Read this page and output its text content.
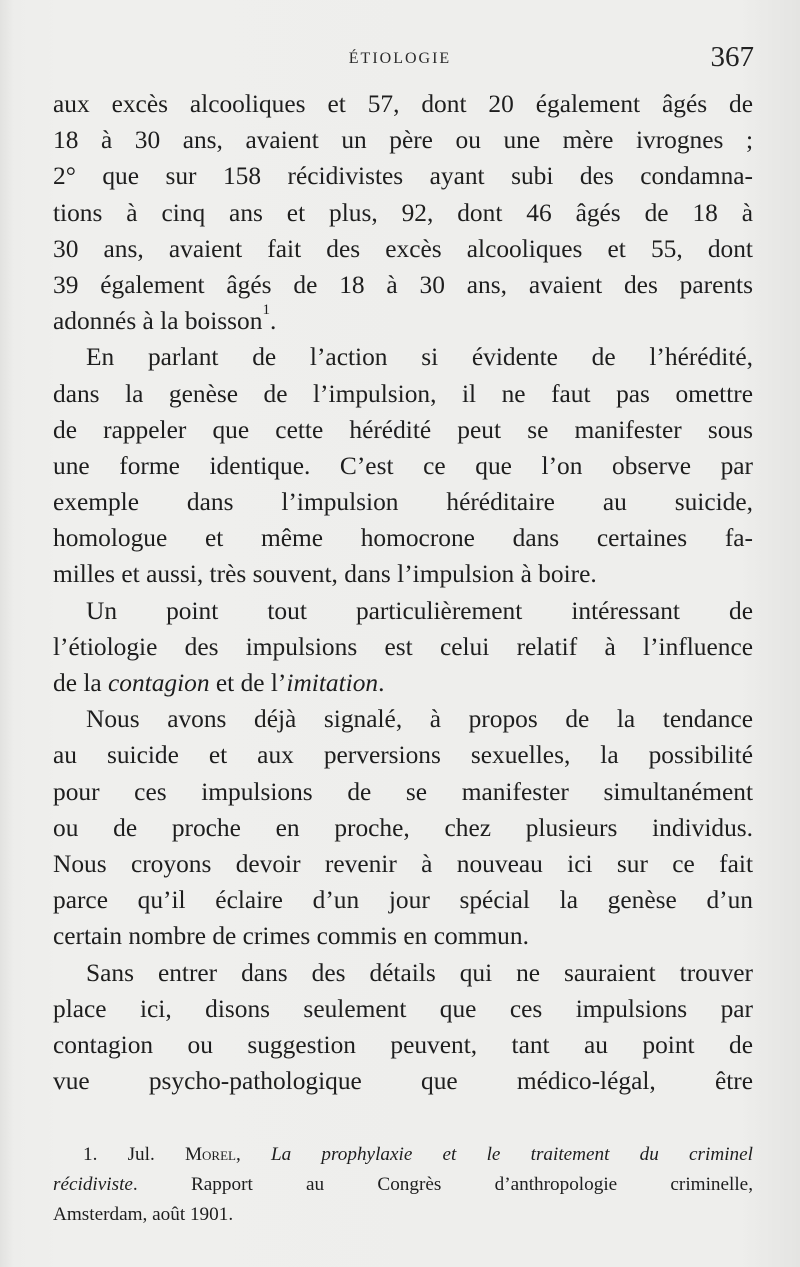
ÉTIOLOGIE	367
aux excès alcooliques et 57, dont 20 également âgés de
18 à 30 ans, avaient un père ou une mère ivrognes ;
2° que sur 158 récidivistes ayant subi des condamna-
tions à cinq ans et plus, 92, dont 46 âgés de 18 à
30 ans, avaient fait des excès alcooliques et 55, dont
39 également âgés de 18 à 30 ans, avaient des parents
adonnés à la boisson$^1$.
En parlant de l’action si évidente de l’hérédité,
dans la genèse de l’impulsion, il ne faut pas omettre
de rappeler que cette hérédité peut se manifester sous
une forme identique. C’est ce que l’on observe par
exemple dans l’impulsion héréditaire au suicide,
homologue et même homocrone dans certaines fa-
milles et aussi, très souvent, dans l’impulsion à boire.
Un point tout particulièrement intéressant de
l’étiologie des impulsions est celui relatif à l’influence
de la contagion et de l’imitation.
Nous avons déjà signalé, à propos de la tendance
au suicide et aux perversions sexuelles, la possibilité
pour ces impulsions de se manifester simultanément
ou de proche en proche, chez plusieurs individus.
Nous croyons devoir revenir à nouveau ici sur ce fait
parce qu’il éclaire d’un jour spécial la genèse d’un
certain nombre de crimes commis en commun.
Sans entrer dans des détails qui ne sauraient trouver
place ici, disons seulement que ces impulsions par
contagion ou suggestion peuvent, tant au point de
vue psycho-pathologique que médico-légal, être
1. Jul. Morel, La prophylaxie et le traitement du criminel
récidiviste. Rapport au Congrès d’anthropologie criminelle,
Amsterdam, août 1901.
